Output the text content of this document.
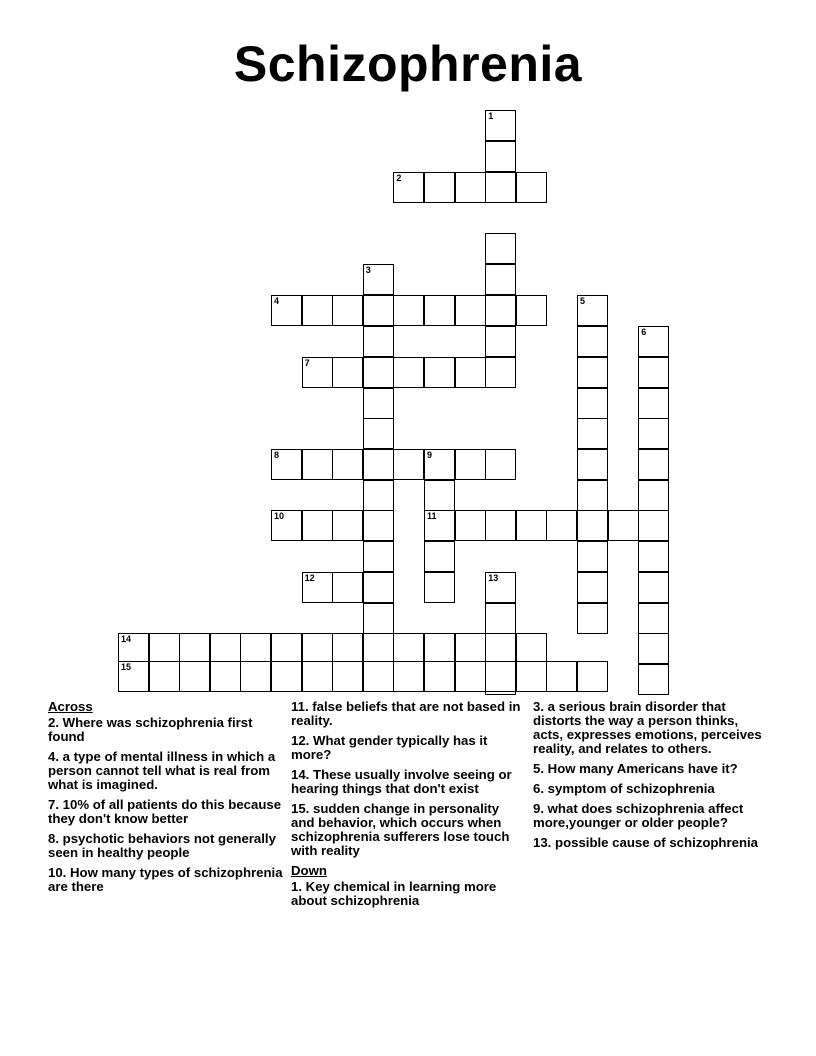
Schizophrenia
1
2
3
4	5
6
7
8	9
11
10
12	13
14
15
Across
2. Where was schizophrenia first found
4. a type of mental illness in which a person cannot tell what is real from what is imagined.
7. 10% of all patients do this because they don't know better
8. psychotic behaviors not generally seen in healthy people
10. How many types of schizophrenia are there
11. false beliefs that are not based in reality.
12. What gender typically has it more?
14. These usually involve seeing or hearing things that don't exist
15. sudden change in personality and behavior, which occurs when schizophrenia sufferers lose touch with reality
Down
1. Key chemical in learning more about schizophrenia
3. a serious brain disorder that distorts the way a person thinks, acts, expresses emotions, perceives reality, and relates to others.
5. How many Americans have it?
6. symptom of schizophrenia
9. what does schizophrenia affect more,younger or older people?
13. possible cause of schizophrenia
